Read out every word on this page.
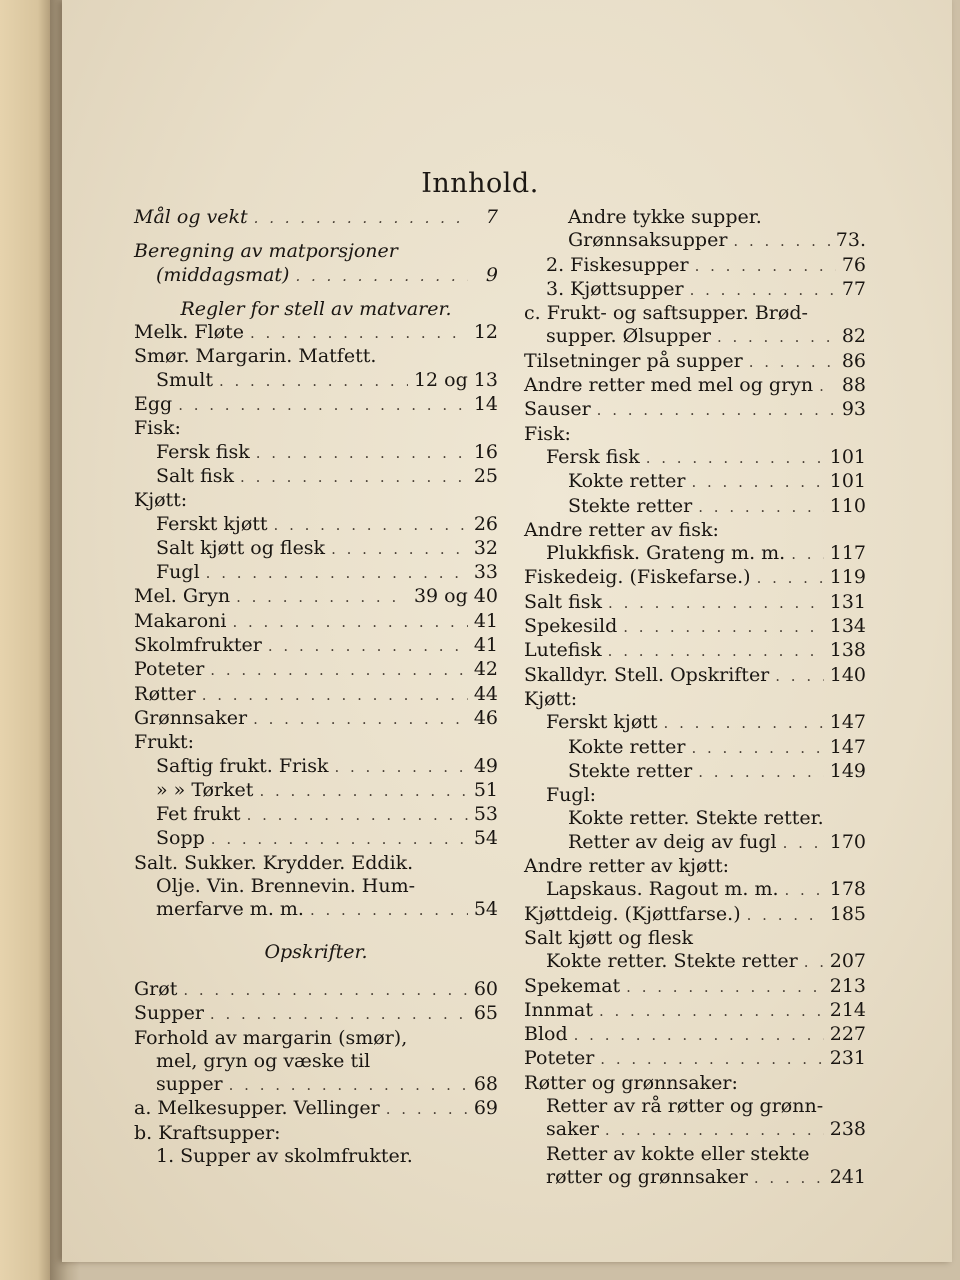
Innhold.
Mål og vekt . . .	7
Beregning av matporsjoner
(middagsmat) . . .	9
Regler for stell av matvarer.
Melk. Fløte . . .	12
Smør. Margarin. Matfett.
Smult . . .	12 og 13
Egg . . .	14
Fisk:
Fersk fisk . . .	16
Salt fisk . . .	25
Kjøtt:
Ferskt kjøtt . . .	26
Salt kjøtt og flesk . . .	32
Fugl . . .	33
Mel. Gryn . . .	39 og 40
Makaroni . . .	41
Skolmfrukter . . .	41
Poteter . . .	42
Røtter . . .	44
Grønnsaker . . .	46
Frukt:
Saftig frukt. Frisk . . .	49
» » Tørket . . .	51
Fet frukt . . .	53
Sopp . . .	54
Salt. Sukker. Krydder. Eddik.
Olje. Vin. Brennevin. Hum-
merfarve m. m. . . .	54
Opskrifter.
Grøt . . .	60
Supper . . .	65
Forhold av margarin (smør),
mel, gryn og væske til
supper . . .	68
a. Melkesupper. Vellinger . . .	69
b. Kraftsupper:
1. Supper av skolmfrukter.
Andre tykke supper.
Grønnsaksupper . . .	73.
2. Fiskesupper . . .	76
3. Kjøttsupper . . .	77
c. Frukt- og saftsupper. Brød-
supper. Ølsupper . . .	82
Tilsetninger på supper . . .	86
Andre retter med mel og gryn . . . 88
Sauser . . .	93
Fisk:
Fersk fisk . . .	101
Kokte retter . . .	101
Stekte retter . . .	110
Andre retter av fisk:
Plukkfisk. Grateng m. m. . . . 117
Fiskedeig. (Fiskefarse.) . . .	119
Salt fisk . . .	131
Spekesild . . .	134
Lutefisk . . .	138
Skalldyr. Stell. Opskrifter . . .	140
Kjøtt:
Ferskt kjøtt . . .	147
Kokte retter . . .	147
Stekte retter . . .	149
Fugl:
Kokte retter. Stekte retter.
Retter av deig av fugl . . .	170
Andre retter av kjøtt:
Lapskaus. Ragout m. m. . . .	178
Kjøttdeig. (Kjøttfarse.) . . .	185
Salt kjøtt og flesk
Kokte retter. Stekte retter . . . 207
Spekemat . . .	213
Innmat . . .	214
Blod . . .	227
Poteter . . .	231
Røtter og grønnsaker:
Retter av rå røtter og grønn-
saker . . .	238
Retter av kokte eller stekte
røtter og grønnsaker . . .	241
